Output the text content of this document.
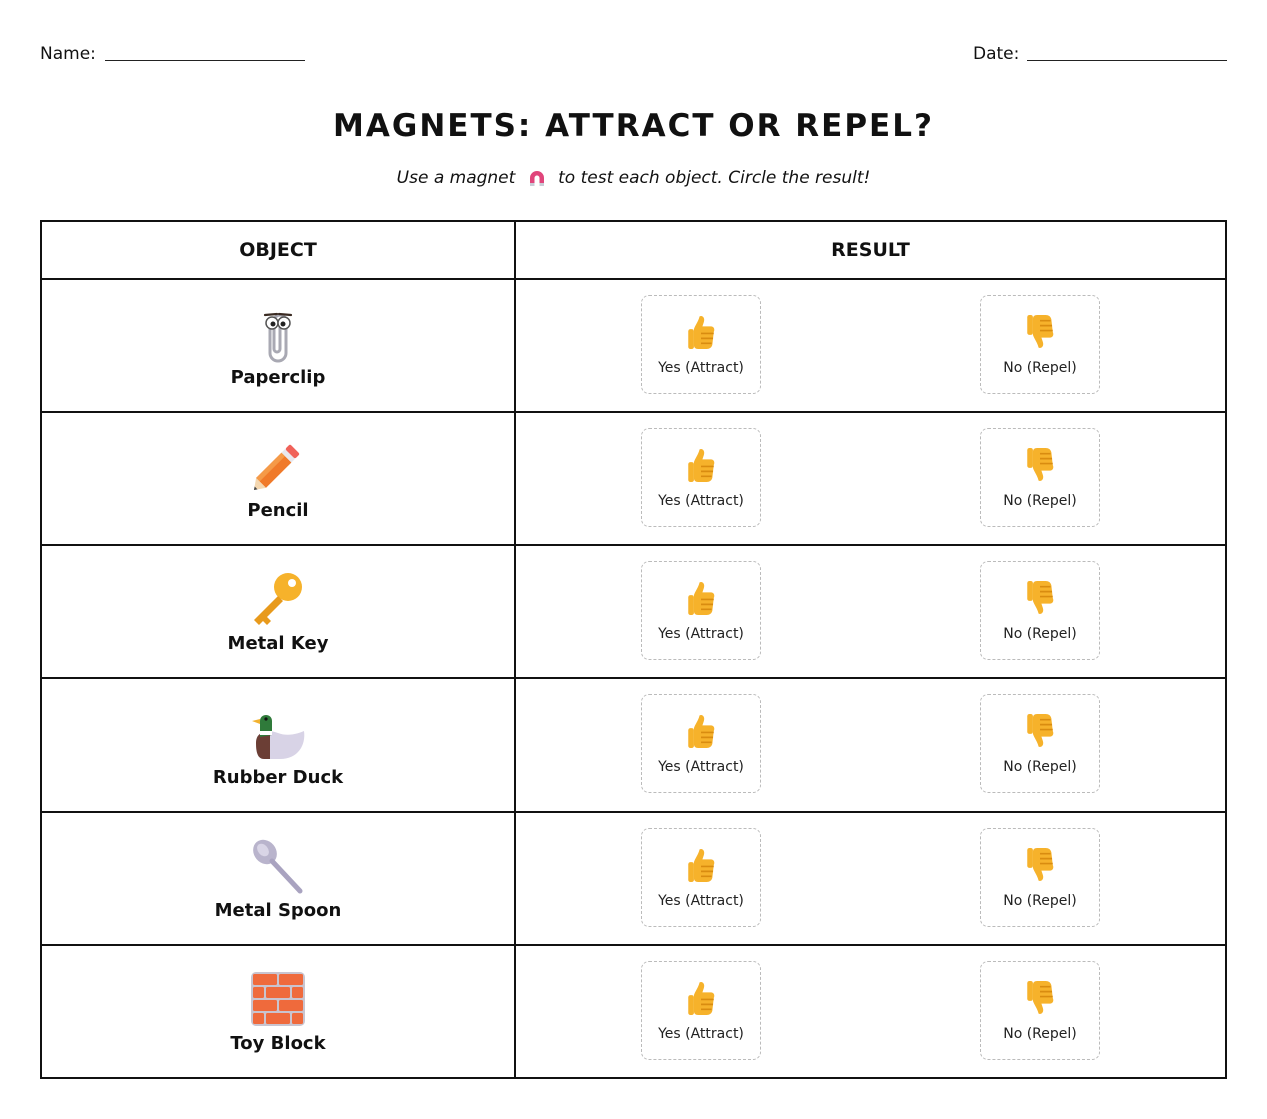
Name:	Date:
MAGNETS: ATTRACT OR REPEL?
Use a magnet	to test each object. Circle the result!
OBJECT	RESULT

Paperclip	Yes (Attract) No (Repel)

Pencil	Yes (Attract) No (Repel)

Metal Key	Yes (Attract) No (Repel)

Rubber Duck	Yes (Attract) No (Repel)

Metal Spoon	Yes (Attract) No (Repel)

Toy Block	Yes (Attract) No (Repel)
